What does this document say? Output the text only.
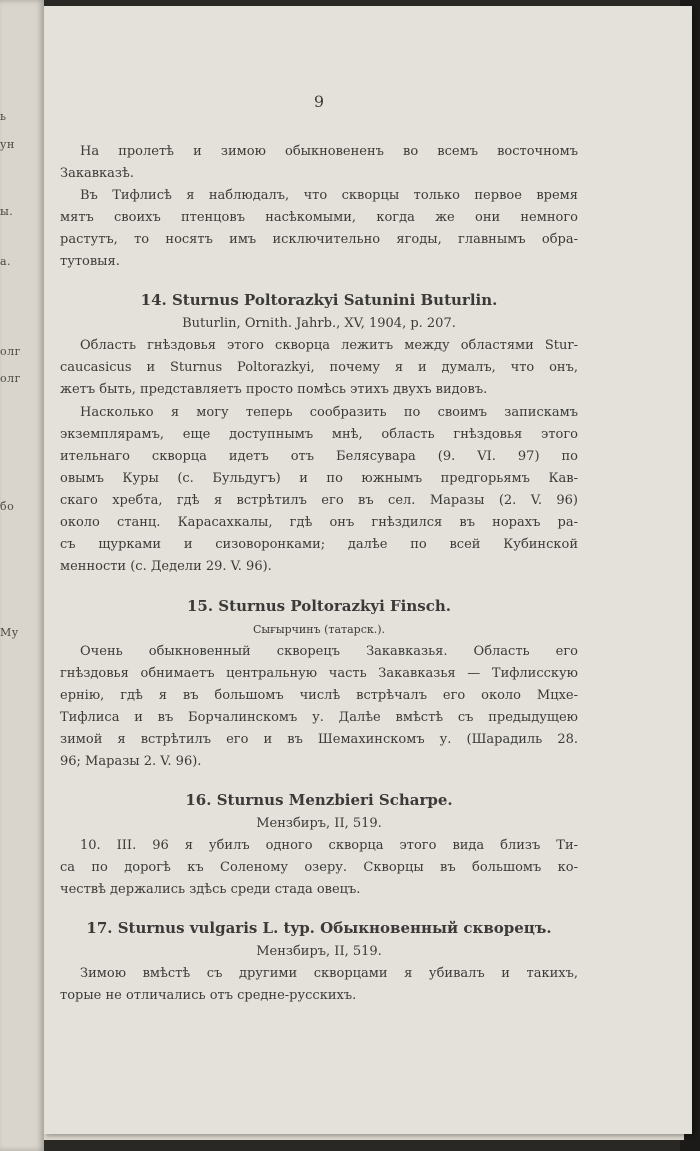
9
На пролетѣ и зимою обыкновененъ во всемъ восточномъ
Закавказѣ.
Въ Тифлисѣ я наблюдалъ, что скворцы только первое время
мятъ своихъ птенцовъ насѣкомыми, когда же они немного
растутъ, то носятъ имъ исключительно ягоды, главнымъ обра-
тутовыя.
14. Sturnus Poltorazkyi Satunini Buturlin.
Buturlin, Ornith. Jahrb., XV, 1904, p. 207.
Область гнѣздовья этого скворца лежитъ между областями Stur-
caucasicus и Sturnus Poltorazkyi, почему я и думалъ, что онъ,
жетъ быть, представляетъ просто помѣсь этихъ двухъ видовъ.
Насколько я могу теперь сообразить по своимъ запискамъ
экземплярамъ, еще доступнымъ мнѣ, область гнѣздовья этого
ительнаго скворца идетъ отъ Белясувара (9. VI. 97) по
овымъ Куры (с. Бульдугъ) и по южнымъ предгорьямъ Кав-
скаго хребта, гдѣ я встрѣтилъ его въ сел. Маразы (2. V. 96)
около станц. Карасахкалы, гдѣ онъ гнѣздился въ норахъ ра-
съ щурками и сизоворонками; далѣе по всей Кубинской
менности (с. Дедели 29. V. 96).
15. Sturnus Poltorazkyi Finsch.
Сығырчинъ (татарск.).
Очень обыкновенный скворецъ Закавказья. Область его
гнѣздовья обнимаетъ центральную часть Закавказья — Тифлисскую
ернію, гдѣ я въ большомъ числѣ встрѣчалъ его около Мцхе-
Тифлиса и въ Борчалинскомъ у. Далѣе вмѣстѣ съ предыдущею
зимой я встрѣтилъ его и въ Шемахинскомъ у. (Шарадиль 28.
96; Маразы 2. V. 96).
16. Sturnus Menzbieri Scharpe.
Мензбиръ, II, 519.
10. III. 96 я убилъ одного скворца этого вида близъ Ти-
са по дорогѣ къ Соленому озеру. Скворцы въ большомъ ко-
чествѣ держались здѣсь среди стада овецъ.
17. Sturnus vulgaris L. typ. Обыкновенный скворецъ.
Мензбиръ, II, 519.
Зимою вмѣстѣ съ другими скворцами я убивалъ и такихъ,
торые не отличались отъ средне-русскихъ.
ь
ун
ы.
а.
олг
олг
бо
Му
